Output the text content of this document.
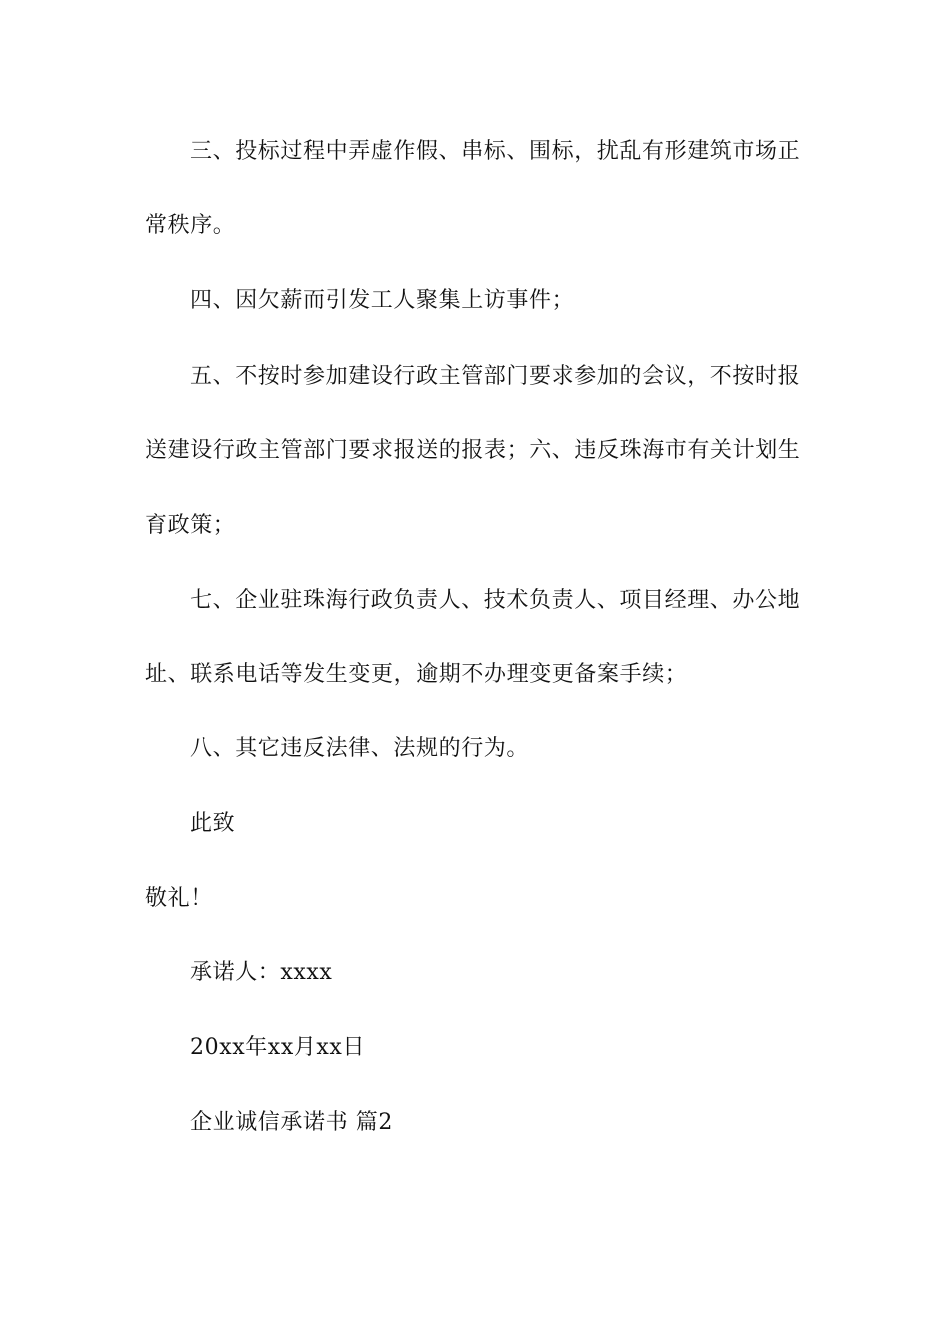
三、投标过程中弄虚作假、串标、围标，扰乱有形建筑市场正
常秩序。
四、因欠薪而引发工人聚集上访事件；
五、不按时参加建设行政主管部门要求参加的会议，不按时报
送建设行政主管部门要求报送的报表；六、违反珠海市有关计划生
育政策；
七、企业驻珠海行政负责人、技术负责人、项目经理、办公地
址、联系电话等发生变更，逾期不办理变更备案手续；
八、其它违反法律、法规的行为。
此致
敬礼！
承诺人：xxxx
20xx年xx月xx日
企业诚信承诺书 篇2
